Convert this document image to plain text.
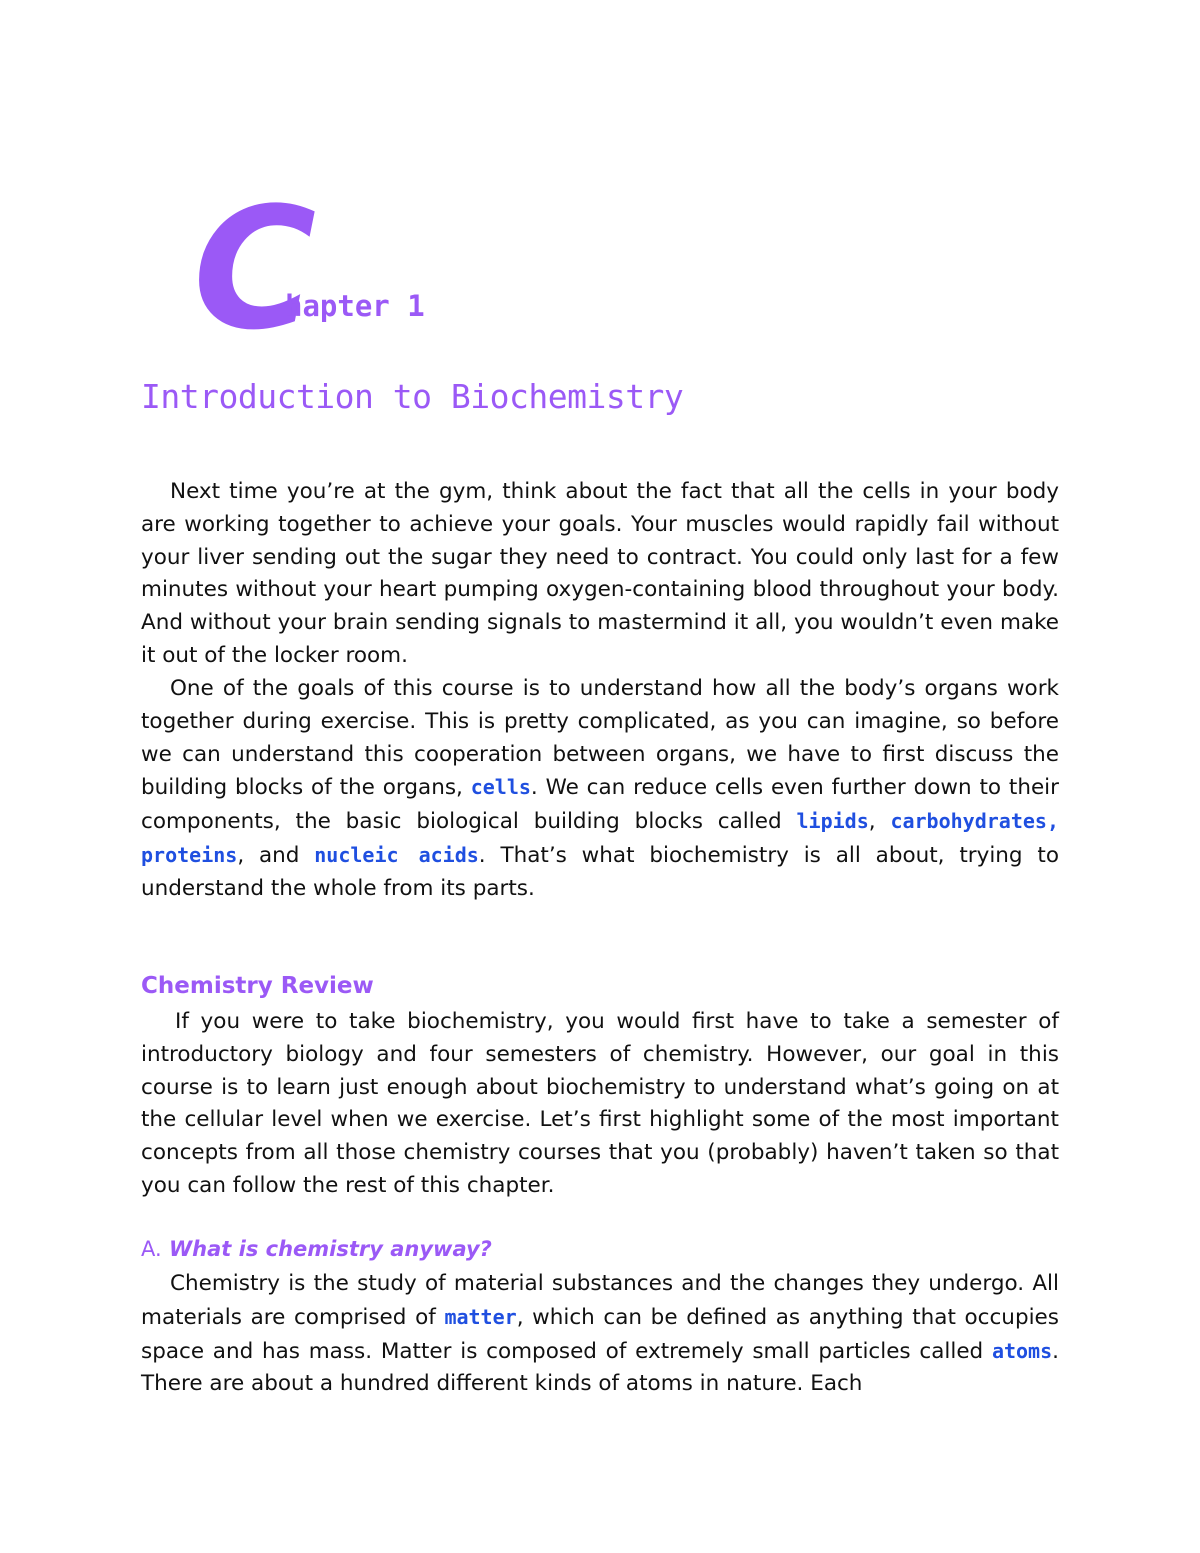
C
hapter 1
Introduction to Biochemistry

Next time you’re at the gym, think about the fact that all the cells in your body are working together to achieve your goals. Your muscles would rapidly fail without your liver sending out the sugar they need to contract. You could only last for a few minutes without your heart pumping oxygen-containing blood throughout your body. And without your brain sending signals to mastermind it all, you wouldn’t even make it out of the locker room.

One of the goals of this course is to understand how all the body’s organs work together during exercise. This is pretty complicated, as you can imagine, so before we can understand this cooperation between organs, we have to first discuss the building blocks of the organs, cells. We can reduce cells even further down to their components, the basic biological building blocks called lipids, carbohydrates, proteins, and nucleic acids. That’s what biochemistry is all about, trying to understand the whole from its parts.

Chemistry Review

If you were to take biochemistry, you would first have to take a semester of introductory biology and four semesters of chemistry. However, our goal in this course is to learn just enough about biochemistry to understand what’s going on at the cellular level when we exercise. Let’s first highlight some of the most important concepts from all those chemistry courses that you (probably) haven’t taken so that you can follow the rest of this chapter.

A. What is chemistry anyway?

Chemistry is the study of material substances and the changes they undergo. All materials are comprised of matter, which can be defined as anything that occupies space and has mass. Matter is composed of extremely small particles called atoms. There are about a hundred different kinds of atoms in nature. Each
